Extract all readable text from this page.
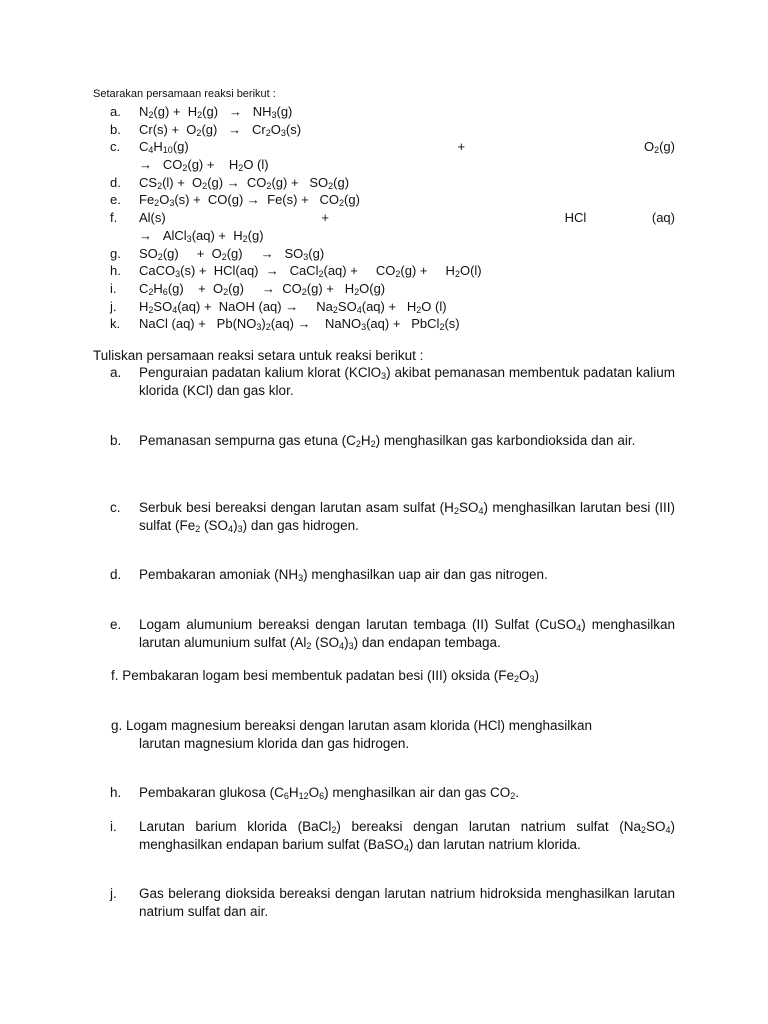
Setarakan persamaan reaksi berikut :
a.	$N_2(g) + H_2(g) \to NH_3(g)$
b.	$Cr(s) + O_2(g) \to Cr_2O_3(s)$
c.	$C_4H_{10}(g)$	+	$O_2(g)$
→   $CO_2(g)$ +    $H_2O$ (l)
d.	$CS_2(l) + O_2(g) \to CO_2(g) + SO_2(g)$
e.	$Fe_2O_3(s) + CO(g) \to Fe(s) + CO_2(g)$
f.	Al(s)	+	HCl	(aq)
→   AlCl$_3$(aq) +  $H_2(g)$
g.	$SO_2(g)$     +  $O_2(g)$     →   $SO_3(g)$
h.	CaCO$_3$(s) +  HCl(aq)  →   CaCl$_2$(aq) +     $CO_2(g)$ +     $H_2O(l)$
i.	$C_2H_6(g)$    +  $O_2(g)$     →  $CO_2(g) + H_2O(g)$
j.	$H_2SO_4(aq)$ +  NaOH (aq) →     $Na_2SO_4(aq) + H_2O$ (l)
k.	NaCl $(aq) + Pb(NO_3)_2(aq)$ →    NaNO$_3$(aq) +   PbCl$_2$(s)
Tuliskan persamaan reaksi setara untuk reaksi berikut :
a.	Penguraian padatan kalium klorat (KClO$_3$) akibat pemanasan membentuk padatan kalium klorida (KCl) dan gas klor.
b.	Pemanasan sempurna gas etuna $(C_2H_2)$ menghasilkan gas karbondioksida dan air.
c.	Serbuk besi bereaksi dengan larutan asam sulfat $(H_2SO_4)$ menghasilkan larutan besi (III) sulfat ($Fe_2$ $(SO_4)_3$) dan gas hidrogen.
d.	Pembakaran amoniak $(NH_3)$ menghasilkan uap air dan gas nitrogen.
e.	Logam alumunium bereaksi dengan larutan tembaga (II) Sulfat (CuSO$_4$) menghasilkan larutan alumunium sulfat ($Al_2$ $(SO_4)_3$) dan endapan tembaga.
f. Pembakaran logam besi membentuk padatan besi (III) oksida $(Fe_2O_3)$
g. Logam magnesium bereaksi dengan larutan asam klorida (HCl) menghasilkan
larutan magnesium klorida dan gas hidrogen.
h.	Pembakaran glukosa $(C_6H_{12}O_6)$ menghasilkan air dan gas $CO_2$.
i.	Larutan barium klorida (BaCl$_2$) bereaksi dengan larutan natrium sulfat $(Na_2SO_4)$ menghasilkan endapan barium sulfat (BaSO$_4$) dan larutan natrium klorida.
j.	Gas belerang dioksida bereaksi dengan larutan natrium hidroksida menghasilkan larutan natrium sulfat dan air.
